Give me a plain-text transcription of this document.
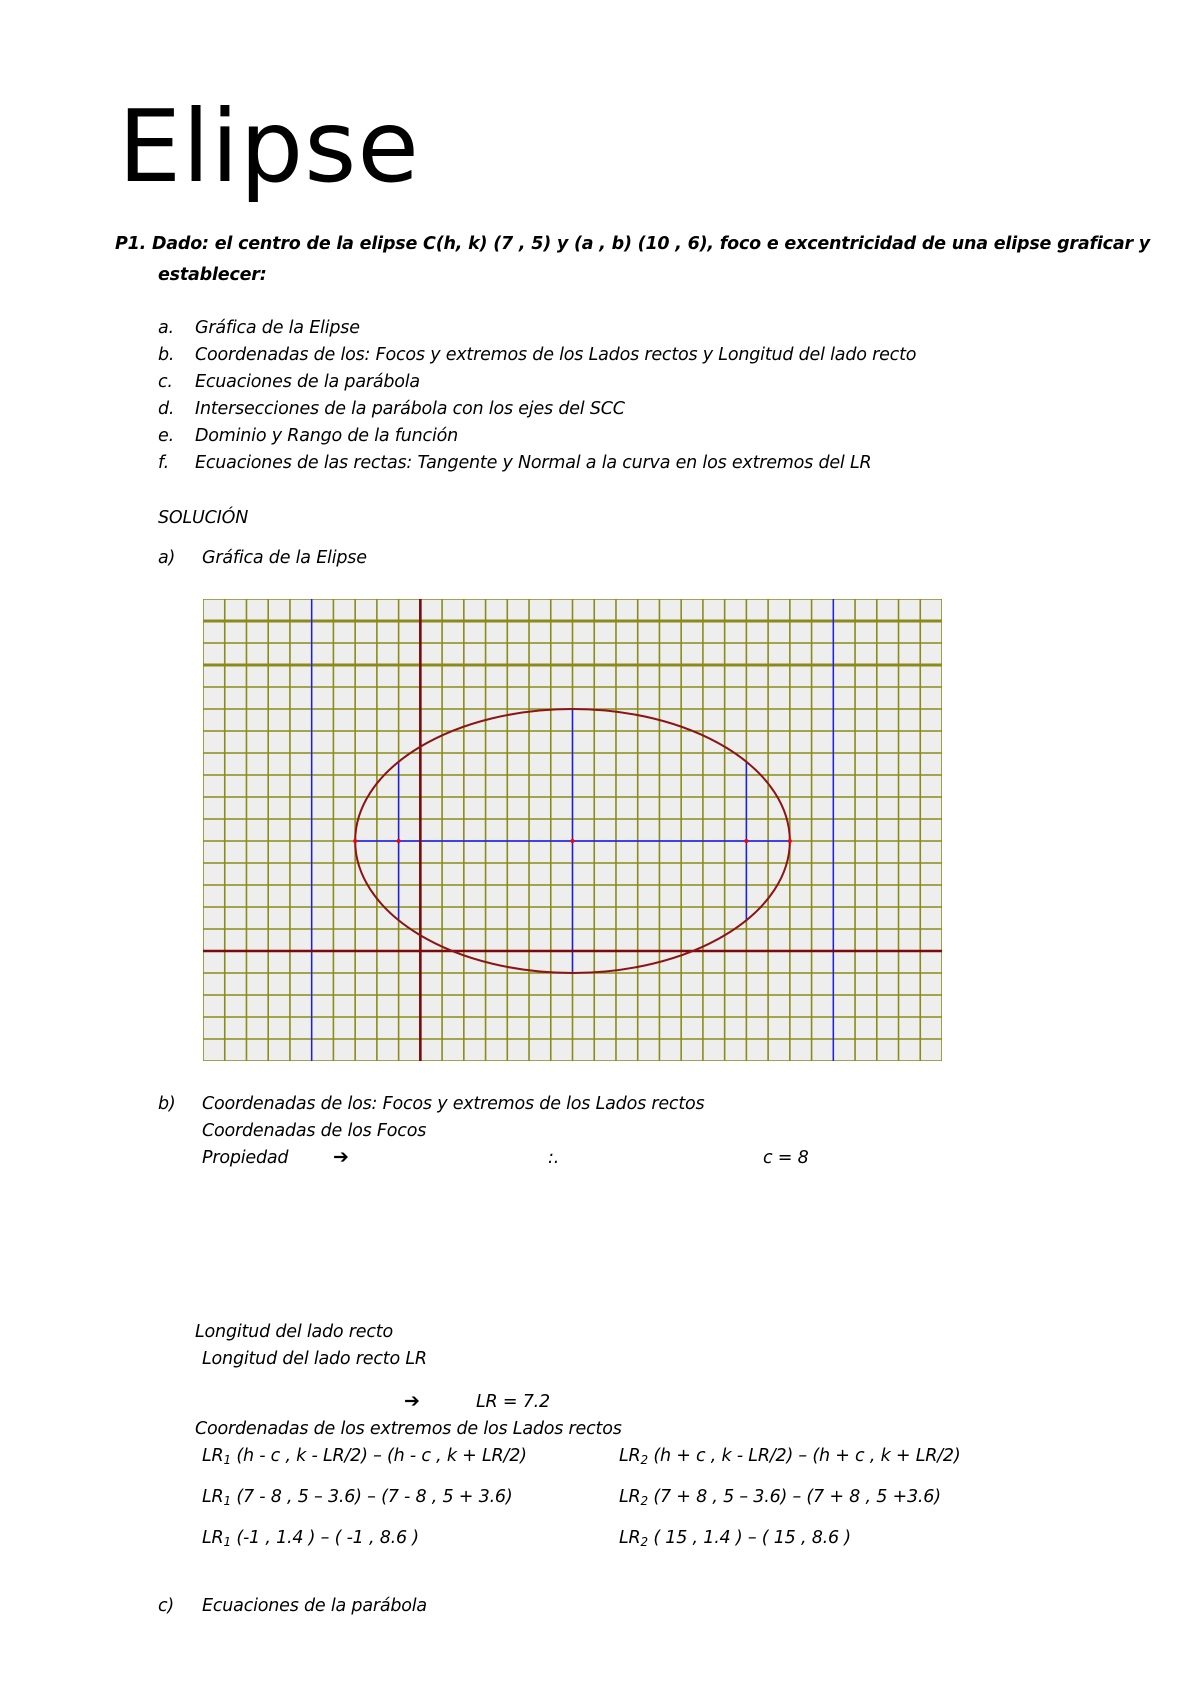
Elipse
P1. Dado: el centro de la elipse C(h, k) (7 , 5) y (a , b) (10 , 6), foco e excentricidad de una elipse graficar y
establecer:
a. Gráfica de la Elipse
b. Coordenadas de los: Focos y extremos de los Lados rectos y Longitud del lado recto
c. Ecuaciones de la parábola
d. Intersecciones de la parábola con los ejes del SCC
e. Dominio y Rango de la función
f. Ecuaciones de las rectas: Tangente y Normal a la curva en los extremos del LR
SOLUCIÓN
a) Gráfica de la Elipse
b) Coordenadas de los: Focos y extremos de los Lados rectos
Coordenadas de los Focos
Propiedad ➔	:.	c = 8
Longitud del lado recto
Longitud del lado recto LR
➔	LR = 7.2
Coordenadas de los extremos de los Lados rectos
$LR_1$ (h - c , k - LR/2) – (h - c , k + LR/2)	$LR_2$ (h + c , k - LR/2) – (h + c , k + LR/2)
$LR_1$ (7 - 8 , 5 – 3.6) – (7 - 8 , 5 + 3.6)	$LR_2$ (7 + 8 , 5 – 3.6) – (7 + 8 , 5 +3.6)
$LR_1$ (-1 , 1.4 ) – ( -1 , 8.6 )	$LR_2$ ( 15 , 1.4 ) – ( 15 , 8.6 )
c) Ecuaciones de la parábola
